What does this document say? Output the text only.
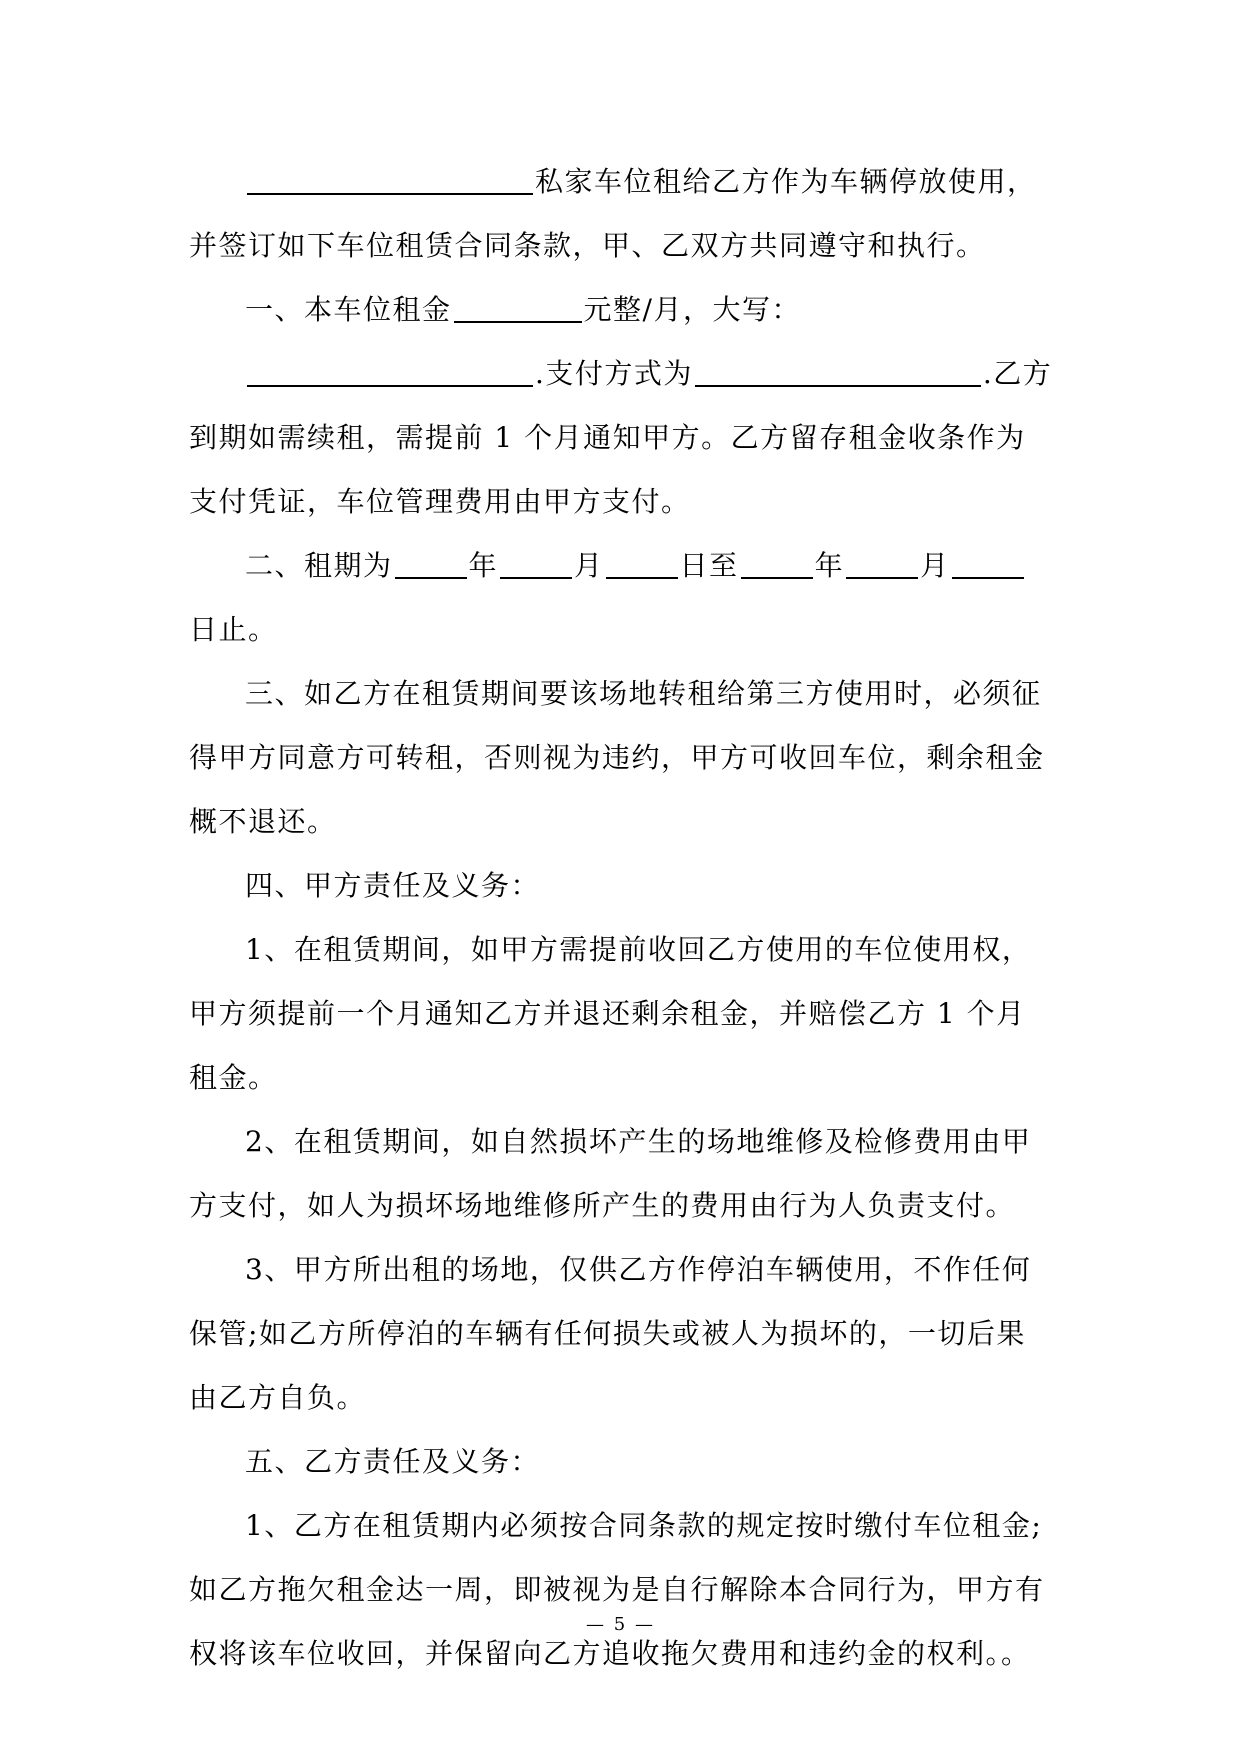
私家车位租给乙方作为车辆停放使用，并签订如下车位租赁合同条款，甲、乙双方共同遵守和执行。

一、本车位租金	元整/月，大写：

.支付方式为	.乙方到期如需续租，需提前 1 个月通知甲方。乙方留存租金收条作为支付凭证，车位管理费用由甲方支付。

二、租期为	年	月	日至	年	月日止。

三、如乙方在租赁期间要该场地转租给第三方使用时，必须征得甲方同意方可转租，否则视为违约，甲方可收回车位，剩余租金概不退还。

四、甲方责任及义务：

1、在租赁期间，如甲方需提前收回乙方使用的车位使用权，甲方须提前一个月通知乙方并退还剩余租金，并赔偿乙方 1 个月租金。

2、在租赁期间，如自然损坏产生的场地维修及检修费用由甲方支付，如人为损坏场地维修所产生的费用由行为人负责支付。

3、甲方所出租的场地，仅供乙方作停泊车辆使用，不作任何保管;如乙方所停泊的车辆有任何损失或被人为损坏的，一切后果由乙方自负。

五、乙方责任及义务：

1、乙方在租赁期内必须按合同条款的规定按时缴付车位租金;如乙方拖欠租金达一周，即被视为是自行解除本合同行为，甲方有权将该车位收回，并保留向乙方追收拖欠费用和违约金的权利。。

— 5 —
